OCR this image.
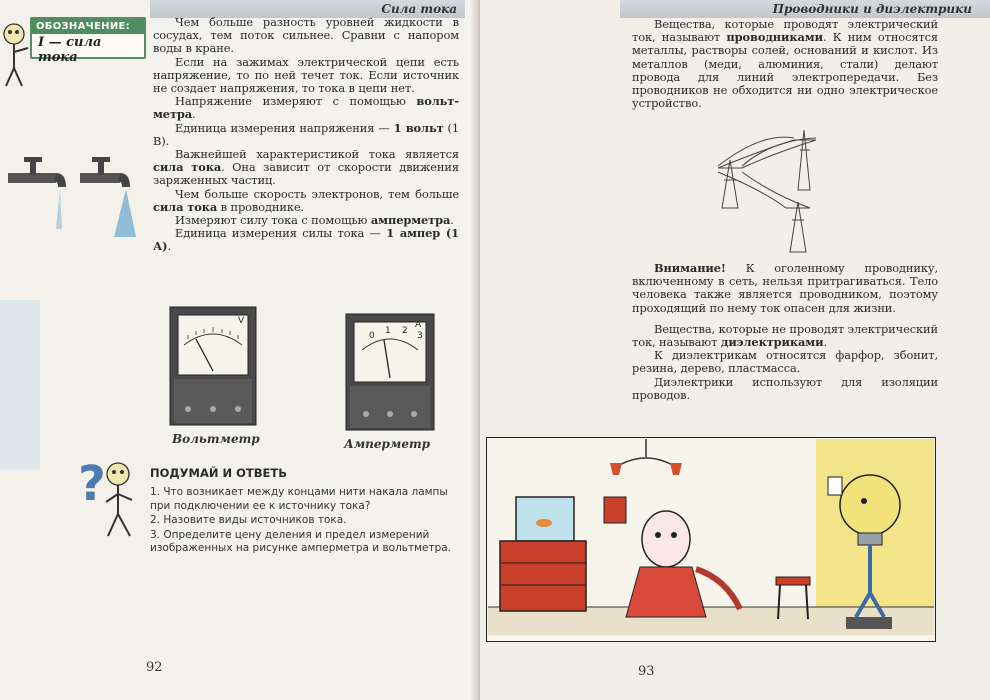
Сила тока
ОБОЗНАЧЕНИЕ:
I — сила тока

Чем больше разность уровней жидкости в сосудах, тем поток сильнее. Сравни с напором воды в кране.

Если на зажимах электрической цепи есть напряжение, то по ней течет ток. Если источник не создает напряжения, то тока в цепи нет.

Напряжение измеряют с помощью вольтметра.

Единица измерения напряжения — 1 вольт (1 В).

Важнейшей характеристикой тока является сила тока. Она зависит от скорости движения заряженных частиц.

Чем больше скорость электронов, тем больше сила тока в проводнике.

Измеряют силу тока с помощью амперметра.

Единица измерения силы тока — 1 ампер (1 А).

V
0 1 2 3
A
Вольтметр	Амперметр
?	ПОДУМАЙ И ОТВЕТЬ
1. Что возникает между концами нити накала лампы при подключении ее к источнику тока?
2. Назовите виды источников тока.
3. Определите цену деления и предел измерений изображенных на рисунке амперметра и вольтметра.
92
Проводники и диэлектрики

Вещества, которые проводят электрический ток, называют проводниками. К ним относятся металлы, растворы солей, оснований и кислот. Из металлов (меди, алюминия, стали) делают провода для линий электропередачи. Без проводников не обходится ни одно электрическое устройство.

Внимание! К оголенному проводнику, включенному в сеть, нельзя притрагиваться. Тело человека также является проводником, поэтому проходящий по нему ток опасен для жизни.

Вещества, которые не проводят электрический ток, называют диэлектриками.

К диэлектрикам относятся фарфор, збонит, резина, дерево, пластмасса.

Диэлектрики используют для изоляции проводов.

93
